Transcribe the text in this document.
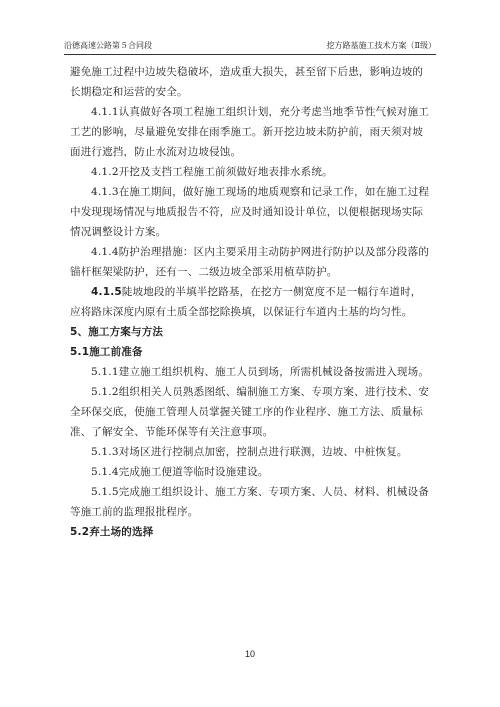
沿德高速公路第５合同段	挖方路基施工技术方案（Ⅱ级）

避免施工过程中边坡失稳破坏，造成重大损失，甚至留下后患，影响边坡的长期稳定和运营的安全。

4.1.1认真做好各项工程施工组织计划，充分考虑当地季节性气候对施工工艺的影响，尽量避免安排在雨季施工。新开挖边坡未防护前，雨天须对坡面进行遮挡，防止水流对边坡侵蚀。

4.1.2开挖及支挡工程施工前须做好地表排水系统。

4.1.3在施工期间，做好施工现场的地质观察和记录工作，如在施工过程中发现现场情况与地质报告不符，应及时通知设计单位，以便根据现场实际情况调整设计方案。

4.1.4防护治理措施：区内主要采用主动防护网进行防护以及部分段落的锚杆框架梁防护，还有一、二级边坡全部采用植草防护。

4.1.5陡坡地段的半填半挖路基，在挖方一侧宽度不足一幅行车道时，应将路床深度内原有土质全部挖除换填，以保证行车道内土基的均匀性。

5、施工方案与方法

5.1施工前准备

5.1.1建立施工组织机构、施工人员到场，所需机械设备按需进入现场。

5.1.2组织相关人员熟悉图纸、编制施工方案、专项方案、进行技术、安全环保交底，使施工管理人员掌握关键工序的作业程序、施工方法、质量标准、了解安全、节能环保等有关注意事项。

5.1.3对场区进行控制点加密，控制点进行联测，边坡、中桩恢复。

5.1.4完成施工便道等临时设施建设。

5.1.5完成施工组织设计、施工方案、专项方案、人员、材料、机械设备等施工前的监理报批程序。

5.2弃土场的选择

10
